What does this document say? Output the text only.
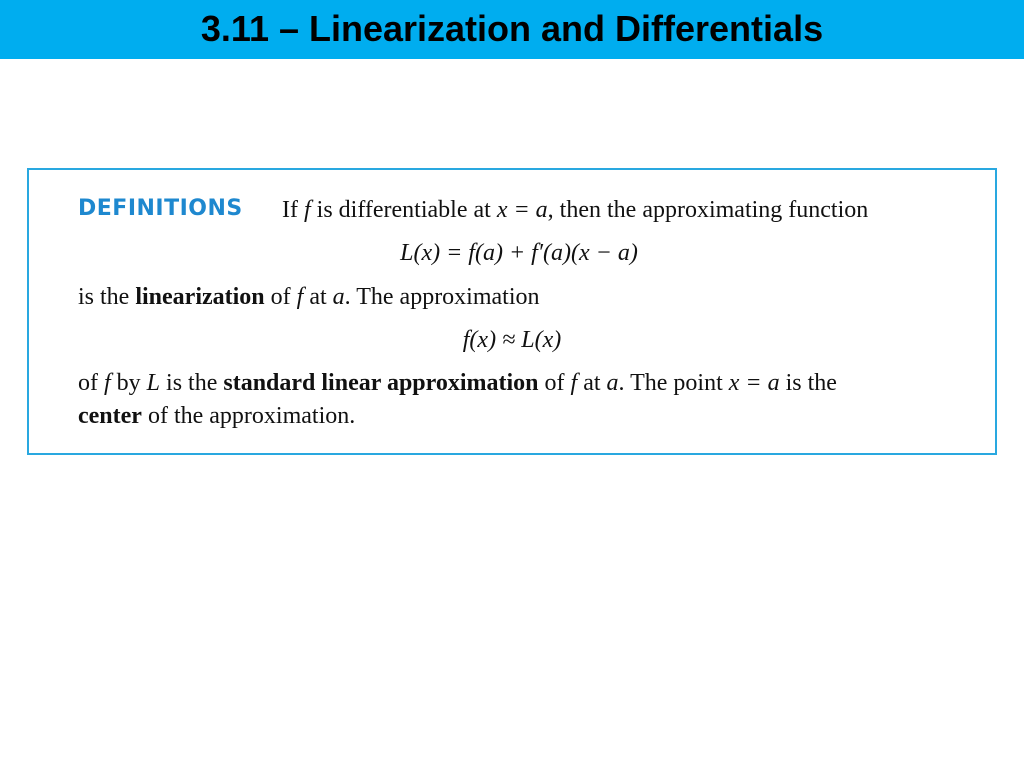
3.11 – Linearization and Differentials
DEFINITIONS If f is differentiable at x = a, then the approximating function
L(x) = f(a) + f′(a)(x − a)
is the linearization of f at a. The approximation
f(x) ≈ L(x)
of f by L is the standard linear approximation of f at a. The point x = a is the
center of the approximation.
